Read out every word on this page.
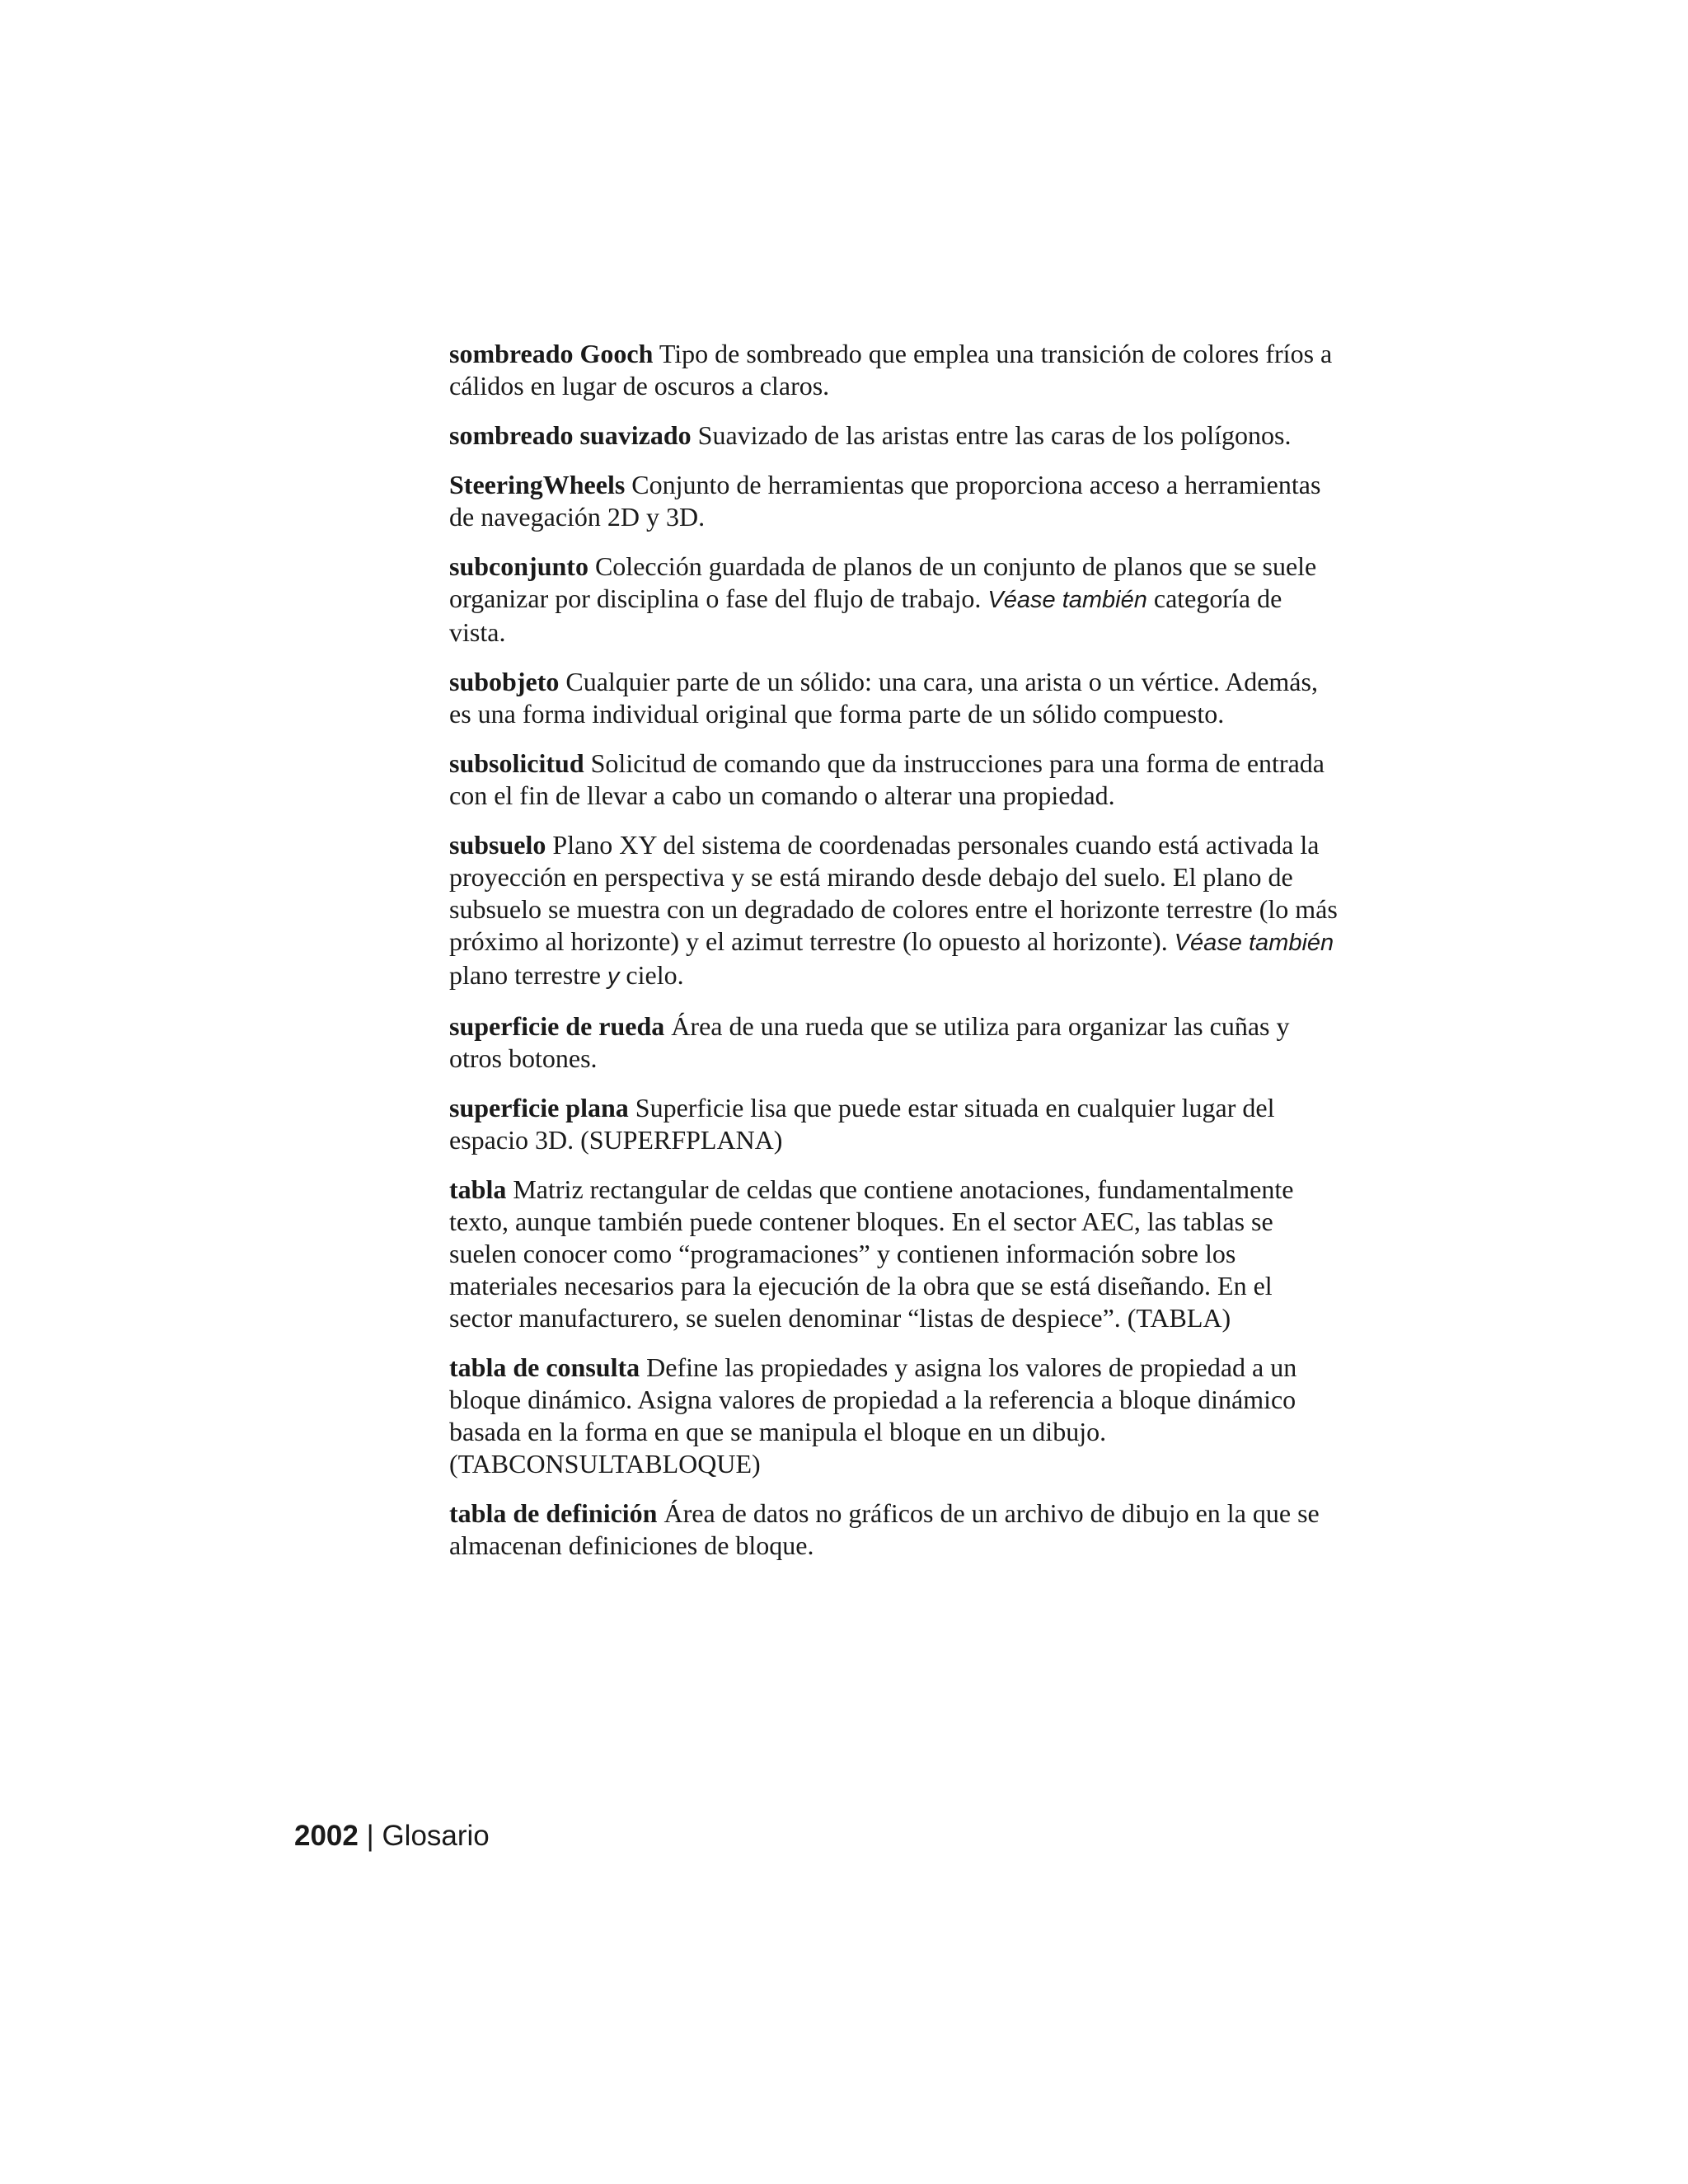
sombreado Gooch Tipo de sombreado que emplea una transición de colores fríos a cálidos en lugar de oscuros a claros.

sombreado suavizado Suavizado de las aristas entre las caras de los polígonos.

SteeringWheels Conjunto de herramientas que proporciona acceso a herramientas de navegación 2D y 3D.

subconjunto Colección guardada de planos de un conjunto de planos que se suele organizar por disciplina o fase del flujo de trabajo. Véase también categoría de vista.

subobjeto Cualquier parte de un sólido: una cara, una arista o un vértice. Además, es una forma individual original que forma parte de un sólido compuesto.

subsolicitud Solicitud de comando que da instrucciones para una forma de entrada con el fin de llevar a cabo un comando o alterar una propiedad.

subsuelo Plano XY del sistema de coordenadas personales cuando está activada la proyección en perspectiva y se está mirando desde debajo del suelo. El plano de subsuelo se muestra con un degradado de colores entre el horizonte terrestre (lo más próximo al horizonte) y el azimut terrestre (lo opuesto al horizonte). Véase también plano terrestre y cielo.

superficie de rueda Área de una rueda que se utiliza para organizar las cuñas y otros botones.

superficie plana Superficie lisa que puede estar situada en cualquier lugar del espacio 3D. (SUPERFPLANA)

tabla Matriz rectangular de celdas que contiene anotaciones, fundamentalmente texto, aunque también puede contener bloques. En el sector AEC, las tablas se suelen conocer como “programaciones” y contienen información sobre los materiales necesarios para la ejecución de la obra que se está diseñando. En el sector manufacturero, se suelen denominar “listas de despiece”. (TABLA)

tabla de consulta Define las propiedades y asigna los valores de propiedad a un bloque dinámico. Asigna valores de propiedad a la referencia a bloque dinámico basada en la forma en que se manipula el bloque en un dibujo. (TABCONSULTABLOQUE)

tabla de definición Área de datos no gráficos de un archivo de dibujo en la que se almacenan definiciones de bloque.

2002 | Glosario
